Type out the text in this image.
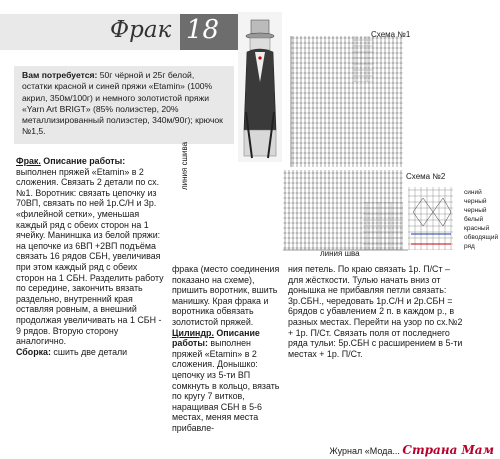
Фрак 18
Вам потребуется: 50г чёрной и 25г белой, остатки красной и синей пряжи «Etamin» (100% акрил, 350м/100г) и немного золотистой пряжи «Yarn Art BRIGT» (85% полиэстер, 20% металлизированный полиэстер, 340м/90г); крючок №1,5.
Фрак. Описание работы: выполнен пряжей «Etamin» в 2 сложения. Связать 2 детали по сх.№1. Воротник: связать цепочку из 70ВП, связать по ней 1р.С/Н и 3р. «филейной сетки», уменьшая каждый ряд с обеих сторон на 1 ячейку. Маниншка из белой пряжи: на цепочке из 6ВП +2ВП подъёма связать 16 рядов СБН, увеличивая при этом каждый ряд с обеих сторон на 1 СБН. Разделить работу по середине, закончить вязать раздельно, внутренний края оставляя ровным, а внешний продолжая увеличивать на 1 СБН - 9 рядов. Вторую сторону аналогично.
Сборка: сшить две детали
фрака (место соединения показано на схеме), пришить воротник, вшить манишку. Края фрака и воротника обвязать золотистой пряжей.
Цилиндр. Описание работы: выполнен пряжей «Etamin» в 2 сложения. Донышко: цепочку из 5-ти ВП сомкнуть в кольцо, вязать по кругу 7 витков, наращивая СБН в 5-6 местах, меняя места прибавле-
ния петель. По краю связать 1р. П/Ст – для жёсткости. Тулью начать вниз от донышка не прибавляя петли связать: 3р.СБН., чередовать 1р.С/Н и 2р.СБН = 6рядов с убавлением 2 п. в каждом р., в разных местах. Перейти на узор по сх.№2 + 1р. П/Ст. Связать поля от последнего ряда тульи: 5р.СБН с расширением в 5-ти местах + 1р. П/Ст.
Схема №1
Схема №2
линия шва
линия сшива
синий
черный
черный
белый
красный
обводящий ряд
Журнал «Мода... Страна Мам
